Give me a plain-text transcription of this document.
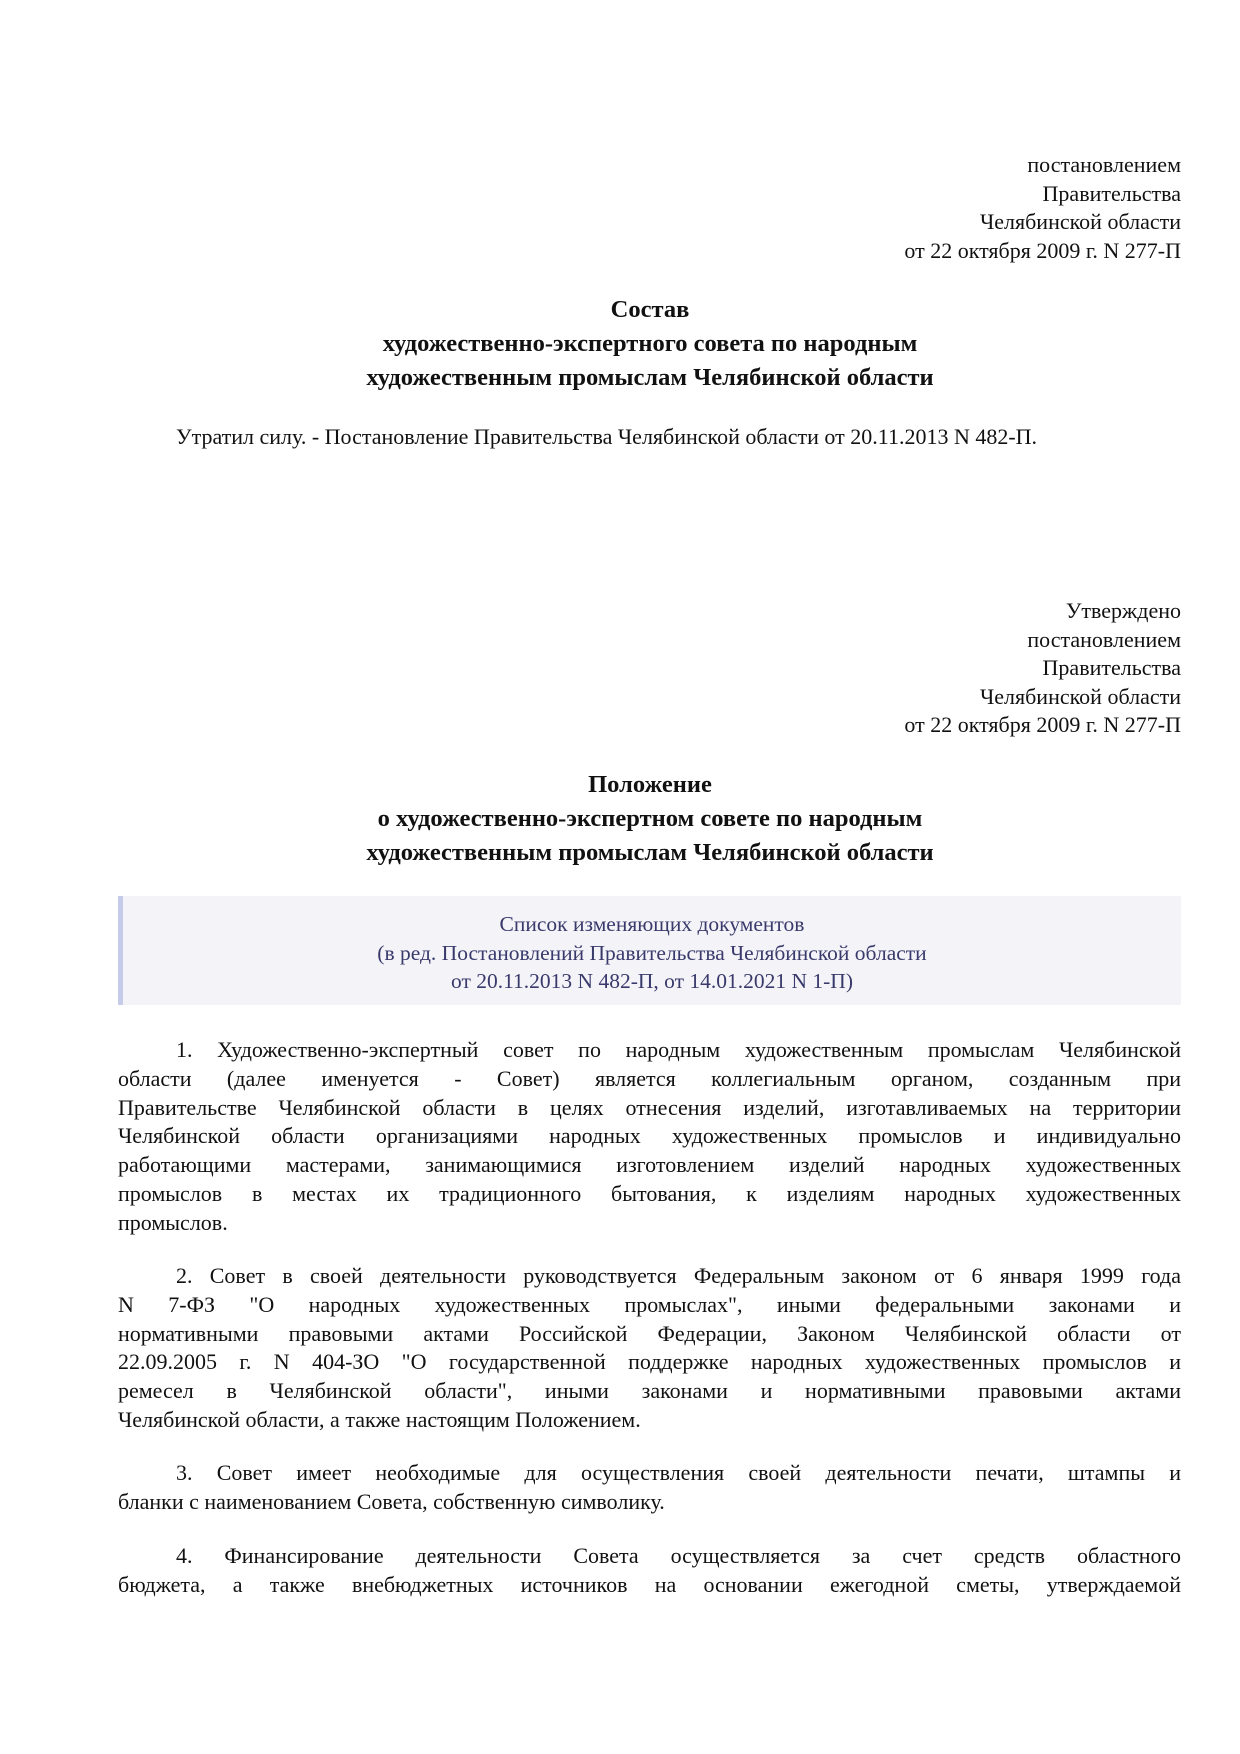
постановлением
Правительства
Челябинской области
от 22 октября 2009 г. N 277-П
Состав
художественно-экспертного совета по народным
художественным промыслам Челябинской области
Утратил силу. - Постановление Правительства Челябинской области от 20.11.2013 N 482-П.
Утверждено
постановлением
Правительства
Челябинской области
от 22 октября 2009 г. N 277-П
Положение
о художественно-экспертном совете по народным
художественным промыслам Челябинской области
Список изменяющих документов
(в ред. Постановлений Правительства Челябинской области
от 20.11.2013 N 482-П, от 14.01.2021 N 1-П)
1. Художественно-экспертный совет по народным художественным промыслам Челябинской
области (далее именуется - Совет) является коллегиальным органом, созданным при
Правительстве Челябинской области в целях отнесения изделий, изготавливаемых на территории
Челябинской области организациями народных художественных промыслов и индивидуально
работающими мастерами, занимающимися изготовлением изделий народных художественных
промыслов в местах их традиционного бытования, к изделиям народных художественных
промыслов.
2. Совет в своей деятельности руководствуется Федеральным законом от 6 января 1999 года
N 7-ФЗ "О народных художественных промыслах", иными федеральными законами и
нормативными правовыми актами Российской Федерации, Законом Челябинской области от
22.09.2005 г. N 404-ЗО "О государственной поддержке народных художественных промыслов и
ремесел в Челябинской области", иными законами и нормативными правовыми актами
Челябинской области, а также настоящим Положением.
3. Совет имеет необходимые для осуществления своей деятельности печати, штампы и
бланки с наименованием Совета, собственную символику.
4. Финансирование деятельности Совета осуществляется за счет средств областного
бюджета, а также внебюджетных источников на основании ежегодной сметы, утверждаемой
